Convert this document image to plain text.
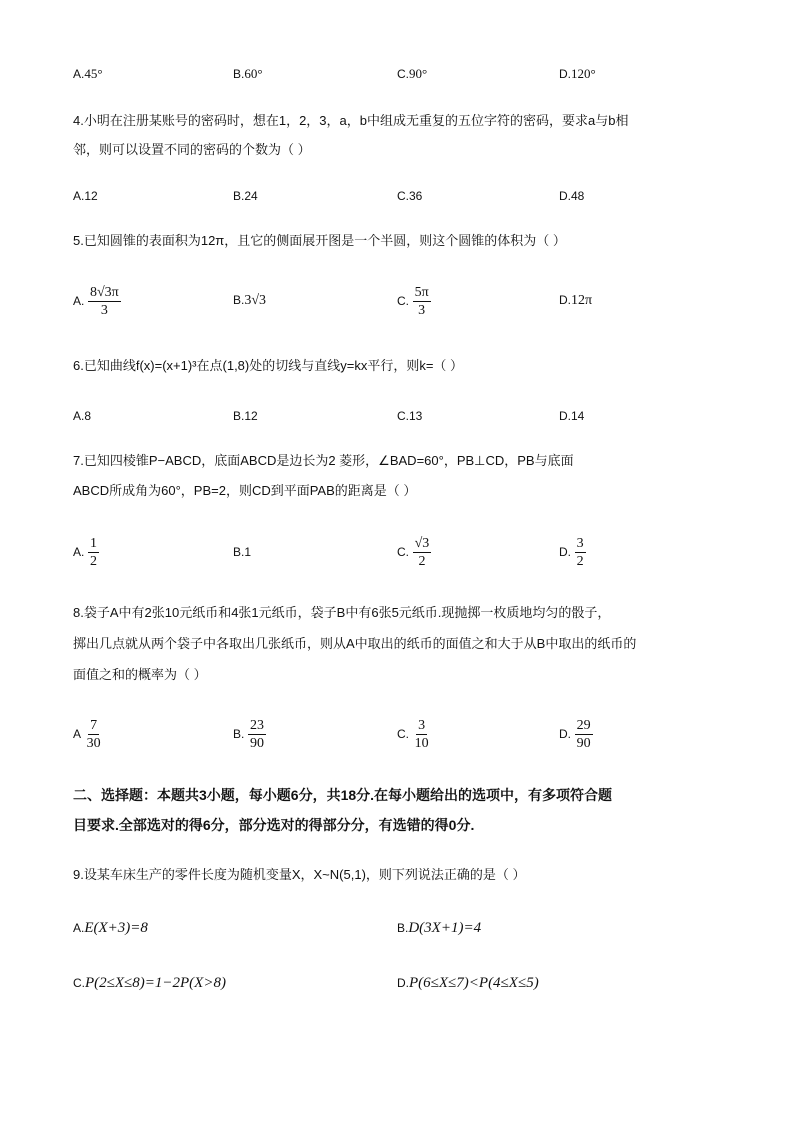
A.45°	B.60°	C.90°	D.120°
4.小明在注册某账号的密码时，想在1，2，3，a，b中组成无重复的五位字符的密码，要求a与b相
邻，则可以设置不同的密码的个数为（ ）
A.12	B.24	C.36	D.48
5.已知圆锥的表面积为12π，且它的侧面展开图是一个半圆，则这个圆锥的体积为（ ）
A. $\frac{8√3\pi}{3}$	B.3√3	C. $\frac{5\pi}{3}$	D.12π
6.已知曲线f(x)=(x+1)³在点(1,8)处的切线与直线y=kx平行，则k=（ ）
A.8	B.12	C.13	D.14
7.已知四棱锥P−ABCD，底面ABCD是边长为2 菱形，∠BAD=60°，PB⊥CD，PB与底面
ABCD所成角为60°，PB=2，则CD到平面PAB的距离是（ ）
A. $\frac{1}{2}$	B.1	C. $\frac{√3}{2}$	D. $\frac{3}{2}$
8.袋子A中有2张10元纸币和4张1元纸币，袋子B中有6张5元纸币.现抛掷一枚质地均匀的骰子，
掷出几点就从两个袋子中各取出几张纸币，则从A中取出的纸币的面值之和大于从B中取出的纸币的
面值之和的概率为（ ）
A $\frac{7}{30}$	B. $\frac{23}{90}$	C. $\frac{3}{10}$	D. $\frac{29}{90}$
二、选择题：本题共3小题，每小题6分，共18分.在每小题给出的选项中，有多项符合题
目要求.全部选对的得6分，部分选对的得部分分，有选错的得0分.
9.设某车床生产的零件长度为随机变量X，X~N(5,1)，则下列说法正确的是（ ）
A.E(X+3)=8	B.D(3X+1)=4
C.P(2≤X≤8)=1−2P(X>8)	D.P(6≤X≤7)<P(4≤X≤5)
